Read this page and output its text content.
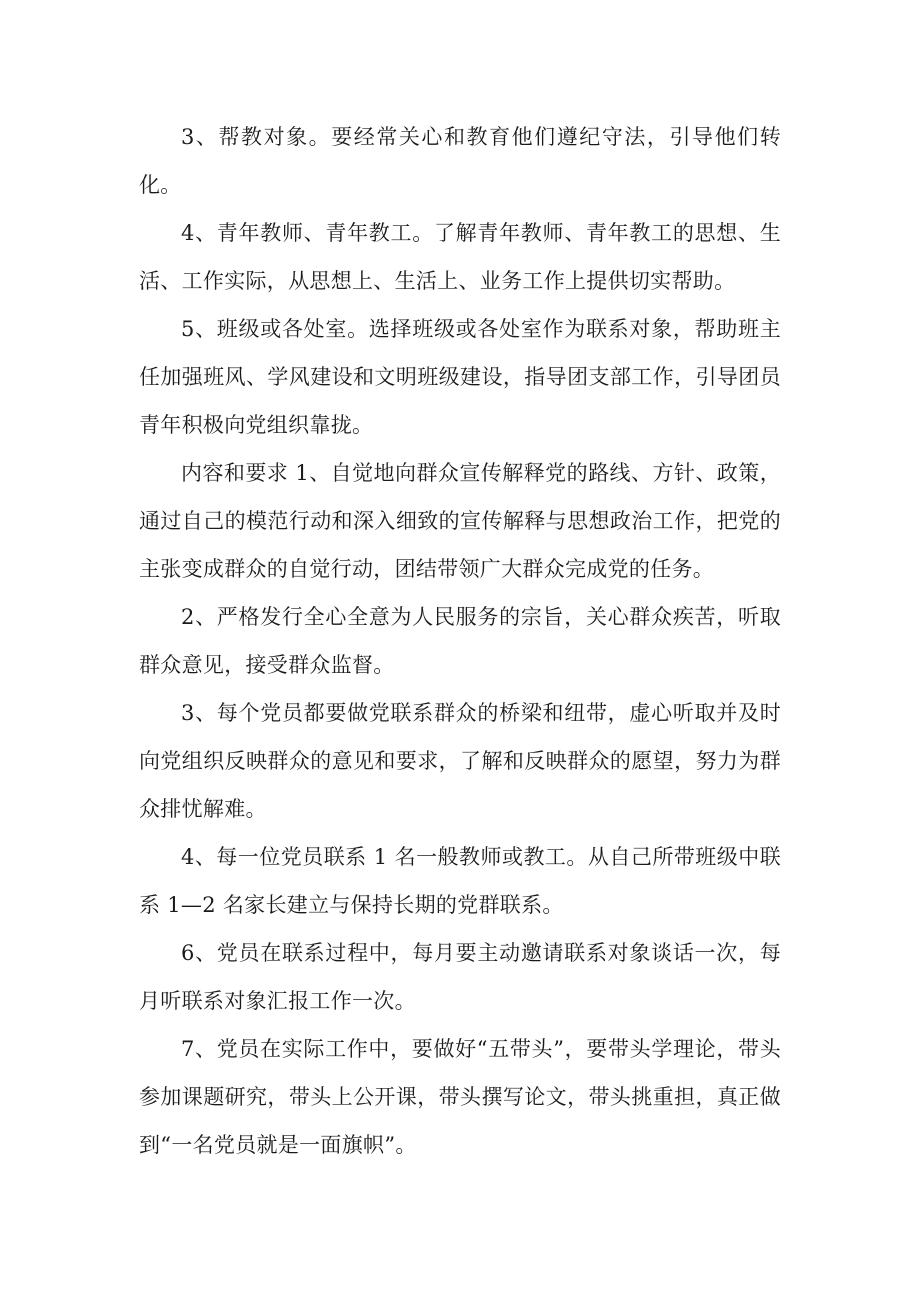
3、帮教对象。要经常关心和教育他们遵纪守法，引导他们转化。

4、青年教师、青年教工。了解青年教师、青年教工的思想、生活、工作实际，从思想上、生活上、业务工作上提供切实帮助。

5、班级或各处室。选择班级或各处室作为联系对象，帮助班主任加强班风、学风建设和文明班级建设，指导团支部工作，引导团员青年积极向党组织靠拢。

内容和要求 1、自觉地向群众宣传解释党的路线、方针、政策，通过自己的模范行动和深入细致的宣传解释与思想政治工作，把党的主张变成群众的自觉行动，团结带领广大群众完成党的任务。

2、严格发行全心全意为人民服务的宗旨，关心群众疾苦，听取群众意见，接受群众监督。

3、每个党员都要做党联系群众的桥梁和纽带，虚心听取并及时向党组织反映群众的意见和要求，了解和反映群众的愿望，努力为群众排忧解难。

4、每一位党员联系 1 名一般教师或教工。从自己所带班级中联系 1—2 名家长建立与保持长期的党群联系。

6、党员在联系过程中，每月要主动邀请联系对象谈话一次，每月听联系对象汇报工作一次。

7、党员在实际工作中，要做好“五带头”，要带头学理论，带头参加课题研究，带头上公开课，带头撰写论文，带头挑重担，真正做到“一名党员就是一面旗帜”。
